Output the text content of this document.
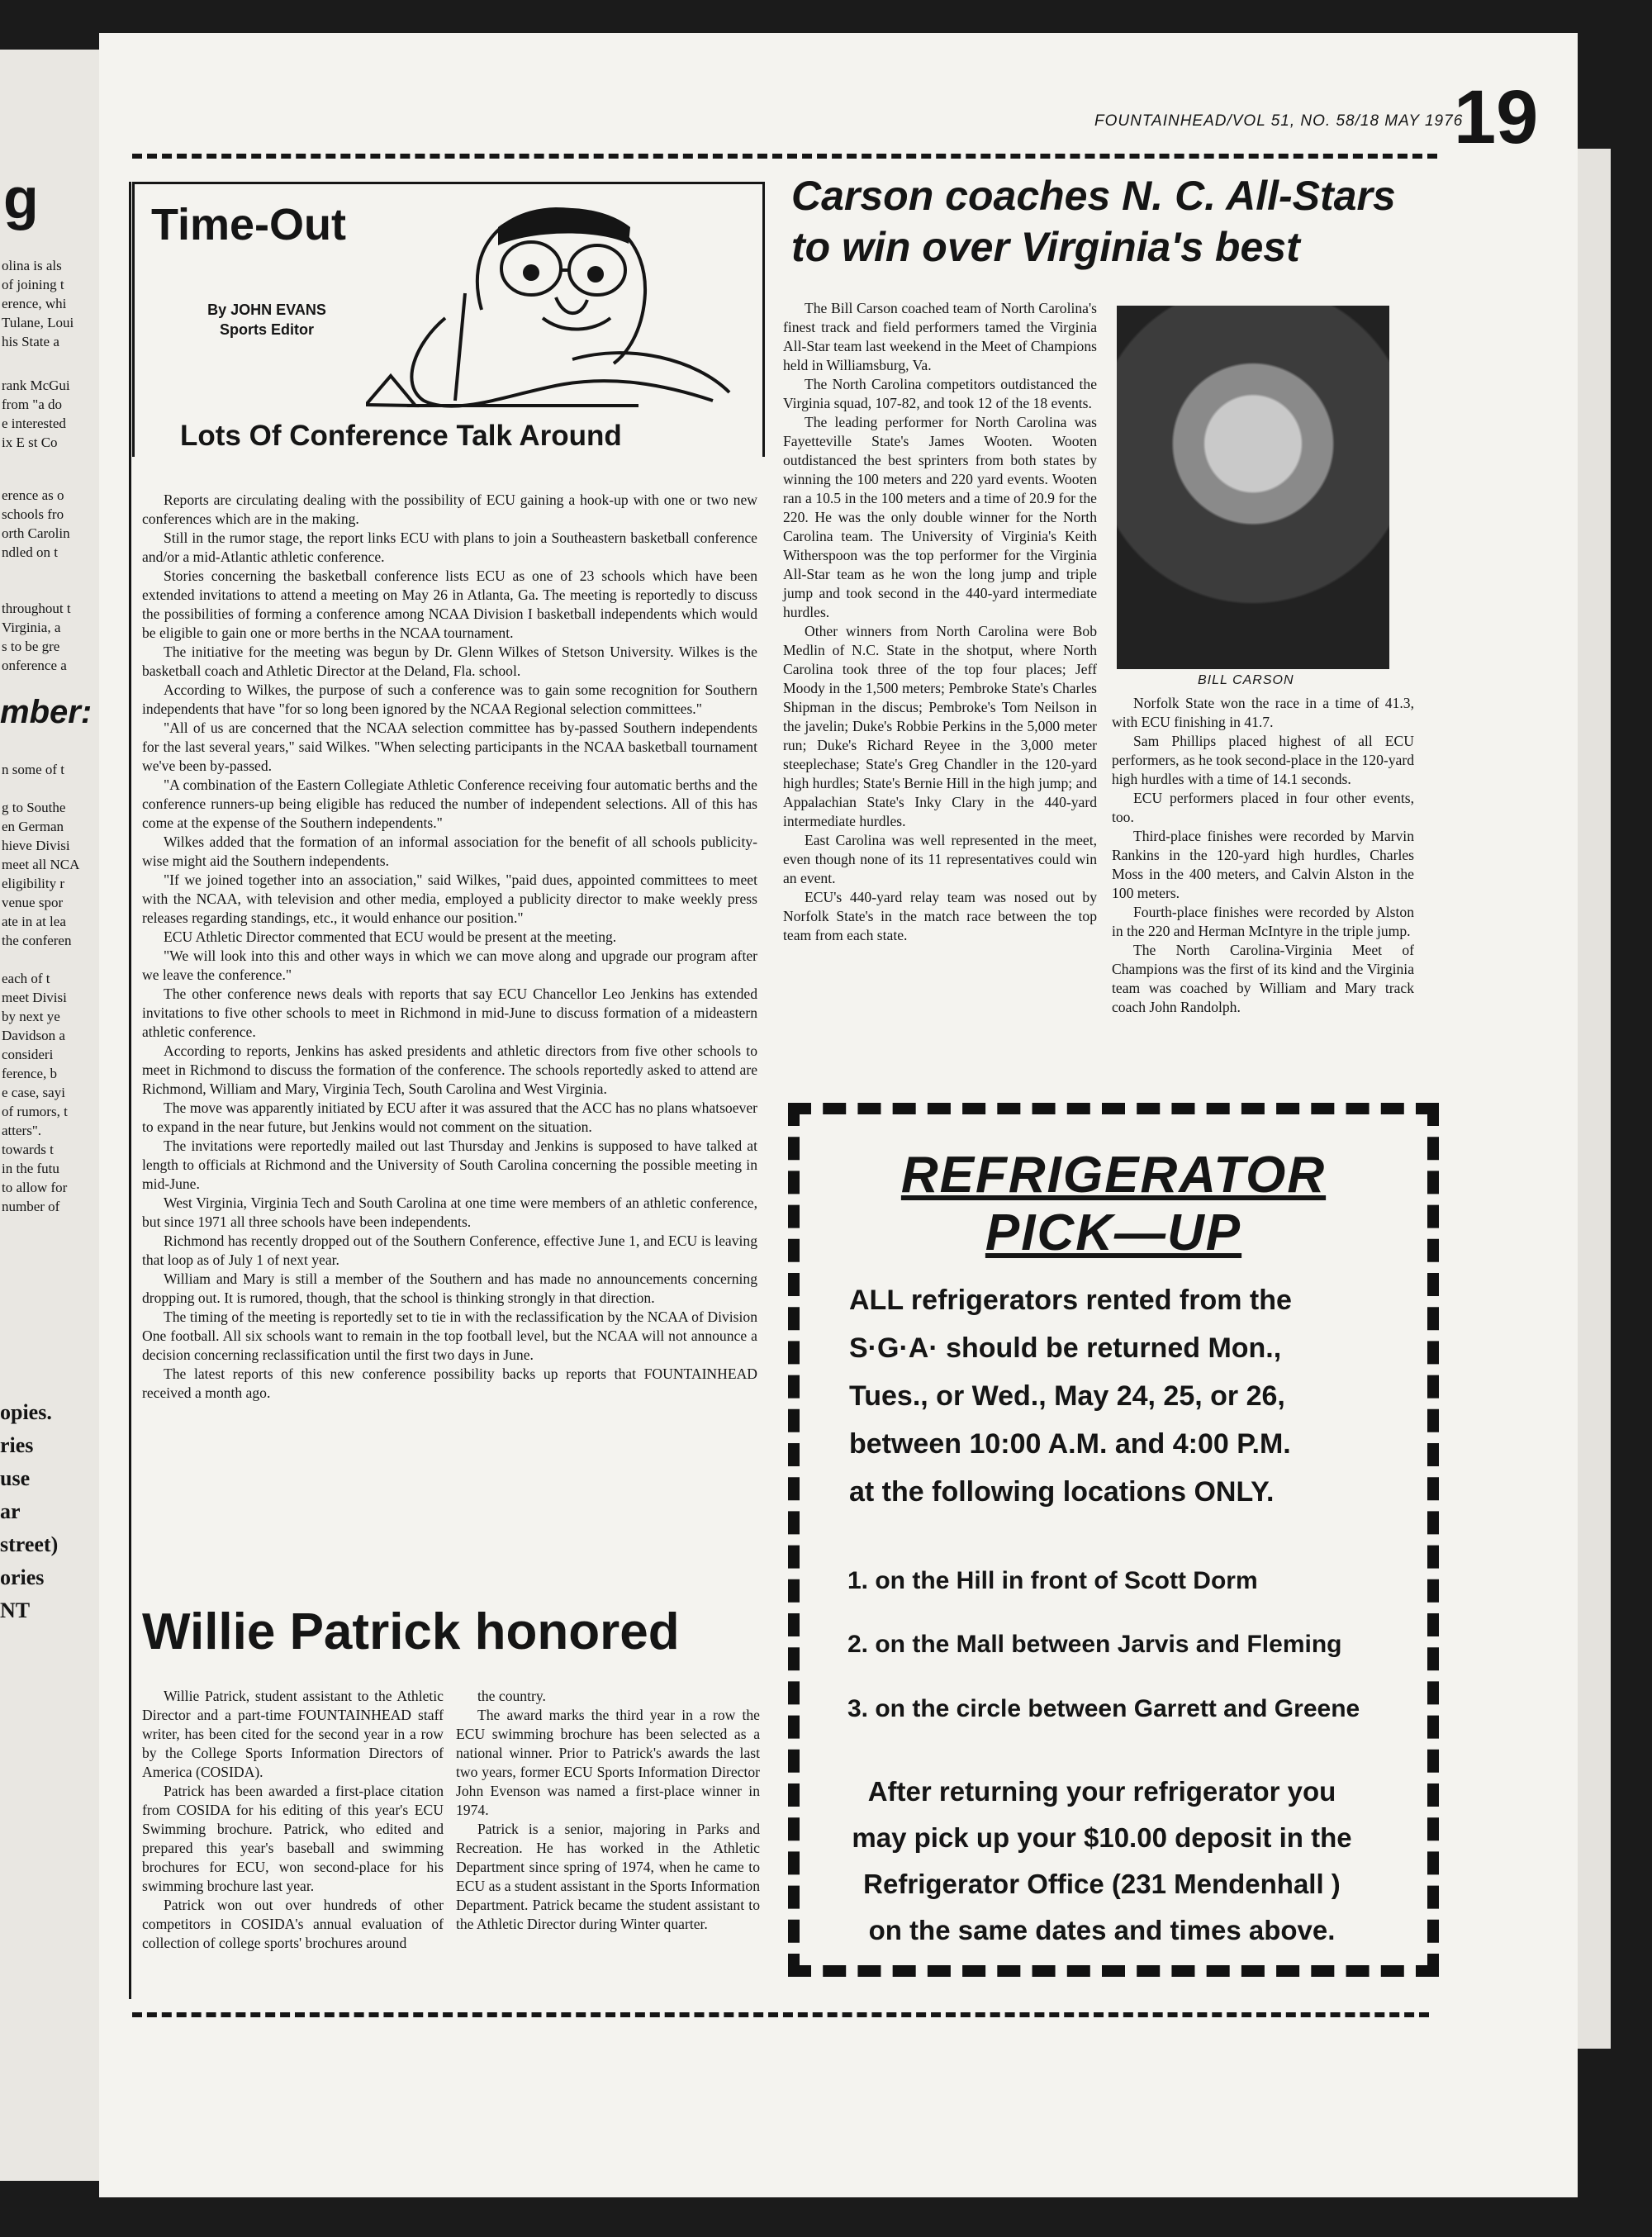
g
olina is als
of joining t
erence, whi
Tulane, Loui
his State a
rank McGui
from "a do
e interested
ix E st Co
erence as o
schools fro
orth Carolin
ndled on t
throughout t
Virginia, a
s to be gre
onference a
mber:
n some of t

g to Southe
en German
hieve Divisi
meet all NCA
eligibility r
venue spor
ate in at lea
the conferen

each of t
meet Divisi
by next ye
Davidson a
consideri
ference, b
e case, sayi
of rumors, t
atters".
towards t
in the futu
to allow for
number of
opies.
ries
use
ar
street)
ories
NT
FOUNTAINHEAD/VOL 51, NO. 58/18 MAY 1976
19
Time-Out
By JOHN EVANS
Sports Editor
Lots Of Conference Talk Around

Reports are circulating dealing with the possibility of ECU gaining a hook-up with one or two new conferences which are in the making.

Still in the rumor stage, the report links ECU with plans to join a Southeastern basketball conference and/or a mid-Atlantic athletic conference.

Stories concerning the basketball conference lists ECU as one of 23 schools which have been extended invitations to attend a meeting on May 26 in Atlanta, Ga. The meeting is reportedly to discuss the possibilities of forming a conference among NCAA Division I basketball independents which would be eligible to gain one or more berths in the NCAA tournament.

The initiative for the meeting was begun by Dr. Glenn Wilkes of Stetson University. Wilkes is the basketball coach and Athletic Director at the Deland, Fla. school.

According to Wilkes, the purpose of such a conference was to gain some recognition for Southern independents that have "for so long been ignored by the NCAA Regional selection committees."

"All of us are concerned that the NCAA selection committee has by-passed Southern independents for the last several years," said Wilkes. "When selecting participants in the NCAA basketball tournament we've been by-passed.

"A combination of the Eastern Collegiate Athletic Conference receiving four automatic berths and the conference runners-up being eligible has reduced the number of independent selections. All of this has come at the expense of the Southern independents."

Wilkes added that the formation of an informal association for the benefit of all schools publicity-wise might aid the Southern independents.

"If we joined together into an association," said Wilkes, "paid dues, appointed committees to meet with the NCAA, with television and other media, employed a publicity director to make weekly press releases regarding standings, etc., it would enhance our position."

ECU Athletic Director commented that ECU would be present at the meeting.

"We will look into this and other ways in which we can move along and upgrade our program after we leave the conference."

The other conference news deals with reports that say ECU Chancellor Leo Jenkins has extended invitations to five other schools to meet in Richmond in mid-June to discuss formation of a mideastern athletic conference.

According to reports, Jenkins has asked presidents and athletic directors from five other schools to meet in Richmond to discuss the formation of the conference. The schools reportedly asked to attend are Richmond, William and Mary, Virginia Tech, South Carolina and West Virginia.

The move was apparently initiated by ECU after it was assured that the ACC has no plans whatsoever to expand in the near future, but Jenkins would not comment on the situation.

The invitations were reportedly mailed out last Thursday and Jenkins is supposed to have talked at length to officials at Richmond and the University of South Carolina concerning the possible meeting in mid-June.

West Virginia, Virginia Tech and South Carolina at one time were members of an athletic conference, but since 1971 all three schools have been independents.

Richmond has recently dropped out of the Southern Conference, effective June 1, and ECU is leaving that loop as of July 1 of next year.

William and Mary is still a member of the Southern and has made no announcements concerning dropping out. It is rumored, though, that the school is thinking strongly in that direction.

The timing of the meeting is reportedly set to tie in with the reclassification by the NCAA of Division One football. All six schools want to remain in the top football level, but the NCAA will not announce a decision concerning reclassification until the first two days in June.

The latest reports of this new conference possibility backs up reports that FOUNTAINHEAD received a month ago.

Willie Patrick honored

Willie Patrick, student assistant to the Athletic Director and a part-time FOUNTAINHEAD staff writer, has been cited for the second year in a row by the College Sports Information Directors of America (COSIDA).

Patrick has been awarded a first-place citation from COSIDA for his editing of this year's ECU Swimming brochure. Patrick, who edited and prepared this year's baseball and swimming brochures for ECU, won second-place for his swimming brochure last year.

Patrick won out over hundreds of other competitors in COSIDA's annual evaluation of collection of college sports' brochures around

the country.

The award marks the third year in a row the ECU swimming brochure has been selected as a national winner. Prior to Patrick's awards the last two years, former ECU Sports Information Director John Evenson was named a first-place winner in 1974.

Patrick is a senior, majoring in Parks and Recreation. He has worked in the Athletic Department since spring of 1974, when he came to ECU as a student assistant in the Sports Information Department. Patrick became the student assistant to the Athletic Director during Winter quarter.

Carson coaches N. C. All-Stars
to win over Virginia's best

The Bill Carson coached team of North Carolina's finest track and field performers tamed the Virginia All-Star team last weekend in the Meet of Champions held in Williamsburg, Va.

The North Carolina competitors outdistanced the Virginia squad, 107-82, and took 12 of the 18 events.

The leading performer for North Carolina was Fayetteville State's James Wooten. Wooten outdistanced the best sprinters from both states by winning the 100 meters and 220 yard events. Wooten ran a 10.5 in the 100 meters and a time of 20.9 for the 220. He was the only double winner for the North Carolina team. The University of Virginia's Keith Witherspoon was the top performer for the Virginia All-Star team as he won the long jump and triple jump and took second in the 440-yard intermediate hurdles.

Other winners from North Carolina were Bob Medlin of N.C. State in the shotput, where North Carolina took three of the top four places; Jeff Moody in the 1,500 meters; Pembroke State's Charles Shipman in the discus; Pembroke's Tom Neilson in the javelin; Duke's Robbie Perkins in the 5,000 meter run; Duke's Richard Reyee in the 3,000 meter steeplechase; State's Greg Chandler in the 120-yard high hurdles; State's Bernie Hill in the high jump; and Appalachian State's Inky Clary in the 440-yard intermediate hurdles.

East Carolina was well represented in the meet, even though none of its 11 representatives could win an event.

ECU's 440-yard relay team was nosed out by Norfolk State's in the match race between the top team from each state.

BILL CARSON

Norfolk State won the race in a time of 41.3, with ECU finishing in 41.7.

Sam Phillips placed highest of all ECU performers, as he took second-place in the 120-yard high hurdles with a time of 14.1 seconds.

ECU performers placed in four other events, too.

Third-place finishes were recorded by Marvin Rankins in the 120-yard high hurdles, Charles Moss in the 400 meters, and Calvin Alston in the 100 meters.

Fourth-place finishes were recorded by Alston in the 220 and Herman McIntyre in the triple jump.

The North Carolina-Virginia Meet of Champions was the first of its kind and the Virginia team was coached by William and Mary track coach John Randolph.

REFRIGERATOR
PICK—UP
ALL refrigerators rented from the
S·G·A· should be returned Mon.,
Tues., or Wed., May 24, 25, or 26,
between 10:00 A.M. and 4:00 P.M.
at the following locations ONLY.
1. on the Hill in front of Scott Dorm
2. on the Mall between Jarvis and Fleming
3. on the circle between Garrett and Greene
After returning your refrigerator you
may pick up your $10.00 deposit in the
Refrigerator Office (231 Mendenhall )
on the same dates and times above.
